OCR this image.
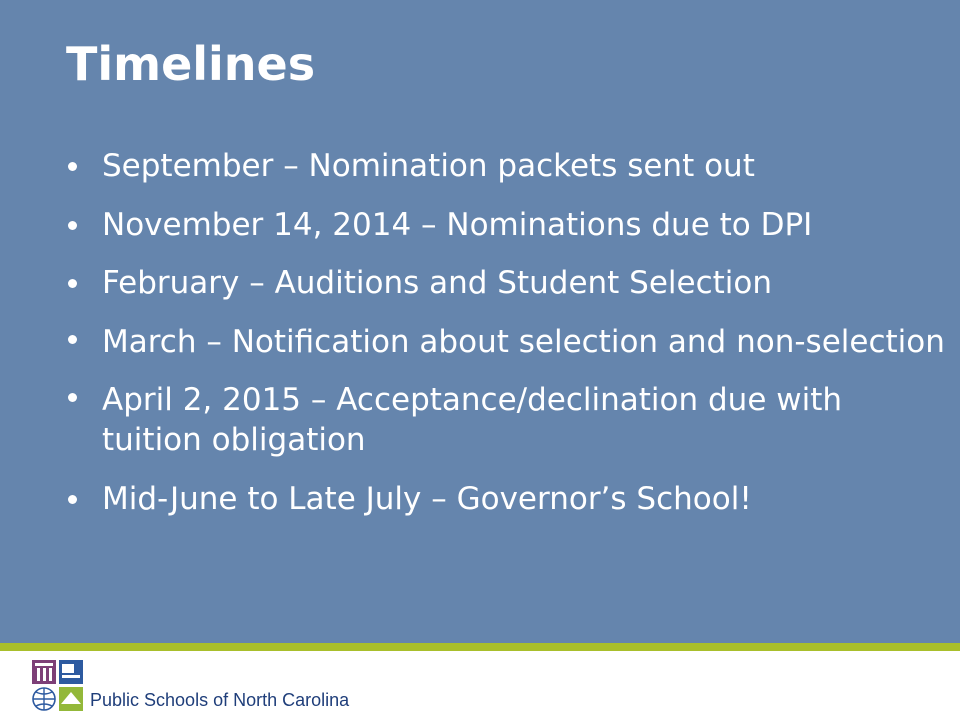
Timelines
September – Nomination packets sent out
November 14, 2014 – Nominations due to DPI
February – Auditions and Student Selection
March – Notification about selection and non-selection
April 2, 2015 – Acceptance/declination due with tuition obligation
Mid-June to Late July – Governor’s School!
Public Schools of North Carolina
